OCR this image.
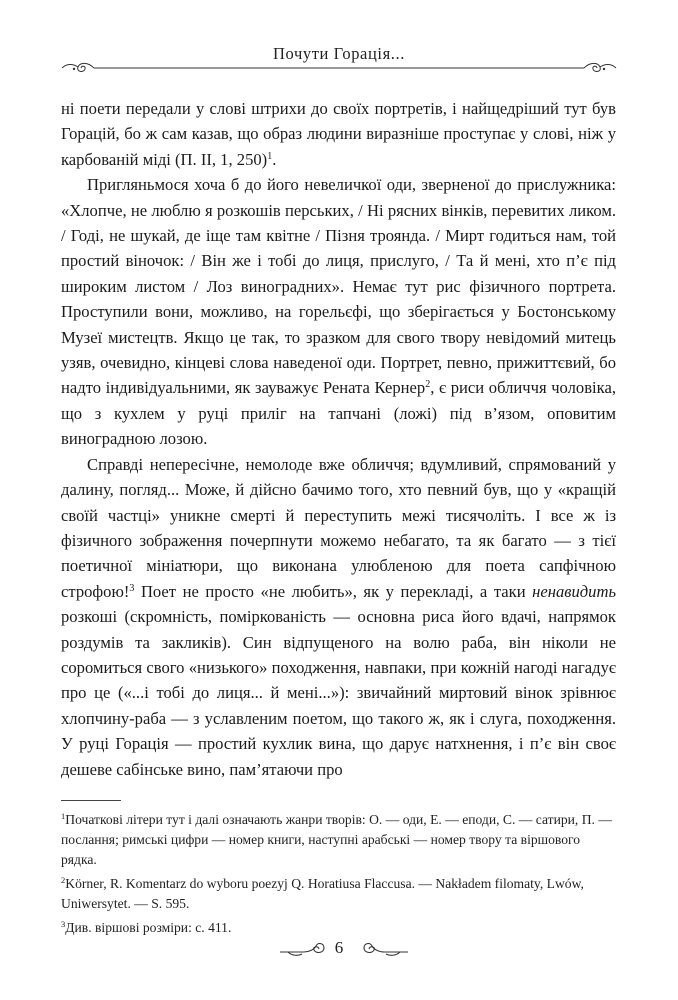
Почути Горація...

ні поети передали у слові штрихи до своїх портретів, і найщедріший тут був Горацій, бо ж сам казав, що образ людини виразніше проступає у слові, ніж у карбованій міді (П. ІІ, 1, 250)$^1$.

Пригляньмося хоча б до його невеличкої оди, зверненої до прислужника: «Хлопче, не люблю я розкошів перських, / Ні рясних вінків, перевитих ликом. / Годі, не шукай, де іще там квітне / Пізня троянда. / Мирт годиться нам, той простий віночок: / Він же і тобі до лиця, прислуго, / Та й мені, хто п’є під широким листом / Лоз виноградних». Немає тут рис фізичного портрета. Проступили вони, можливо, на горельєфі, що зберігається у Бостонському Музеї мистецтв. Якщо це так, то зразком для свого твору невідомий митець узяв, очевидно, кінцеві слова наведеної оди. Портрет, певно, прижиттєвий, бо надто індивідуальними, як зауважує Рената Кернер$^2$, є риси обличчя чоловіка, що з кухлем у руці приліг на тапчані (ложі) під в’язом, оповитим виноградною лозою.

Справді непересічне, немолоде вже обличчя; вдумливий, спрямований у далину, погляд... Може, й дійсно бачимо того, хто певний був, що у «кращій своїй частці» уникне смерті й переступить межі тисячоліть. І все ж із фізичного зображення почерпнути можемо небагато, та як багато — з тієї поетичної мініатюри, що виконана улюбленою для поета сапфічною строфою!$^3$ Поет не просто «не любить», як у перекладі, а таки ненавидить розкоші (скромність, поміркованість — основна риса його вдачі, напрямок роздумів та закликів). Син відпущеного на волю раба, він ніколи не соромиться свого «низького» походження, навпаки, при кожній нагоді нагадує про це («...і тобі до лиця... й мені...»): звичайний миртовий вінок зрівнює хлопчину-раба — з уславленим поетом, що такого ж, як і слуга, походження. У руці Горація — простий кухлик вина, що дарує натхнення, і п’є він своє дешеве сабінське вино, пам’ятаючи про

$^1$Початкові літери тут і далі означають жанри творів: О. — оди, Е. — еподи, С. — сатири, П. — послання; римські цифри — номер книги, наступні арабські — номер твору та віршового рядка.

$^2$Körner, R. Komentarz do wyboru poezyj Q. Horatiusa Flaccusa. — Nakładem filomaty, Lwów, Uniwersytet. — S. 595.

$^3$Див. віршові розміри: с. 411.

6
